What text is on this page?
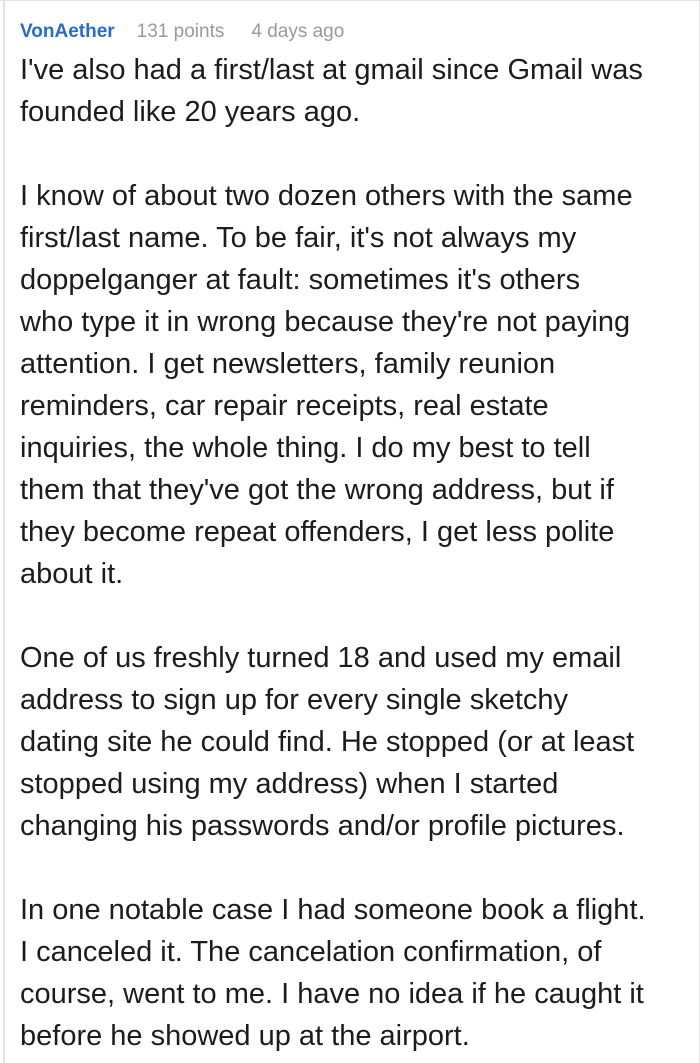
VonAether 131 points 4 days ago

I've also had a first/last at gmail since Gmail was
founded like 20 years ago.

I know of about two dozen others with the same
first/last name. To be fair, it's not always my
doppelganger at fault: sometimes it's others
who type it in wrong because they're not paying
attention. I get newsletters, family reunion
reminders, car repair receipts, real estate
inquiries, the whole thing. I do my best to tell
them that they've got the wrong address, but if
they become repeat offenders, I get less polite
about it.

One of us freshly turned 18 and used my email
address to sign up for every single sketchy
dating site he could find. He stopped (or at least
stopped using my address) when I started
changing his passwords and/or profile pictures.

In one notable case I had someone book a flight.
I canceled it. The cancelation confirmation, of
course, went to me. I have no idea if he caught it
before he showed up at the airport.
